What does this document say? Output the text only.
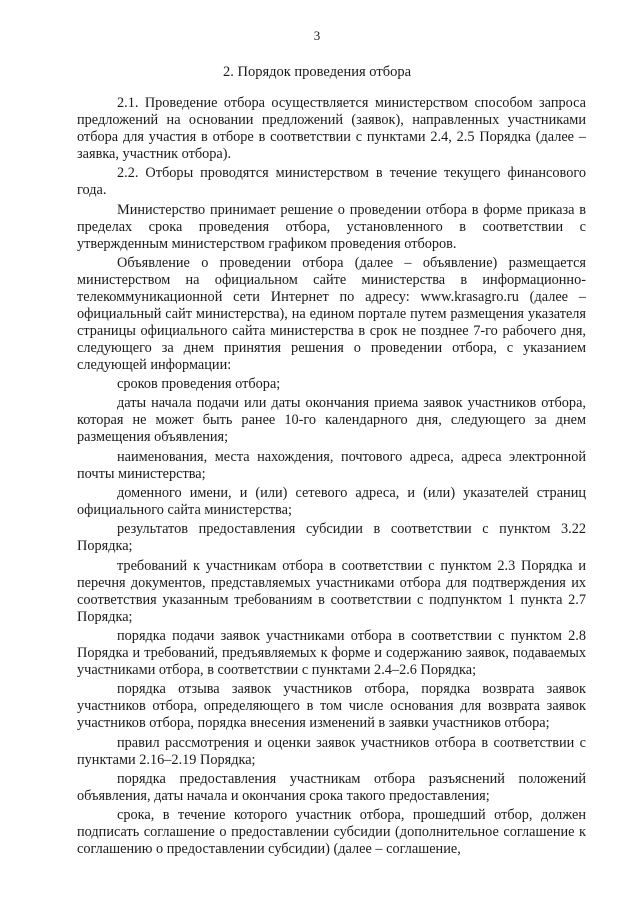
3
2. Порядок проведения отбора

2.1. Проведение отбора осуществляется министерством способом запроса предложений на основании предложений (заявок), направленных участниками отбора для участия в отборе в соответствии с пунктами 2.4, 2.5 Порядка (далее – заявка, участник отбора).

2.2. Отборы проводятся министерством в течение текущего финансового года.

Министерство принимает решение о проведении отбора в форме приказа в пределах срока проведения отбора, установленного в соответствии с утвержденным министерством графиком проведения отборов.

Объявление о проведении отбора (далее – объявление) размещается министерством на официальном сайте министерства в информационно-телекоммуникационной сети Интернет по адресу: www.krasagro.ru (далее – официальный сайт министерства), на едином портале путем размещения указателя страницы официального сайта министерства в срок не позднее 7-го рабочего дня, следующего за днем принятия решения о проведении отбора, с указанием следующей информации:

сроков проведения отбора;

даты начала подачи или даты окончания приема заявок участников отбора, которая не может быть ранее 10-го календарного дня, следующего за днем размещения объявления;

наименования, места нахождения, почтового адреса, адреса электронной почты министерства;

доменного имени, и (или) сетевого адреса, и (или) указателей страниц официального сайта министерства;

результатов предоставления субсидии в соответствии с пунктом 3.22 Порядка;

требований к участникам отбора в соответствии с пунктом 2.3 Порядка и перечня документов, представляемых участниками отбора для подтверждения их соответствия указанным требованиям в соответствии с подпунктом 1 пункта 2.7 Порядка;

порядка подачи заявок участниками отбора в соответствии с пунктом 2.8 Порядка и требований, предъявляемых к форме и содержанию заявок, подаваемых участниками отбора, в соответствии с пунктами 2.4–2.6 Порядка;

порядка отзыва заявок участников отбора, порядка возврата заявок участников отбора, определяющего в том числе основания для возврата заявок участников отбора, порядка внесения изменений в заявки участников отбора;

правил рассмотрения и оценки заявок участников отбора в соответствии с пунктами 2.16–2.19 Порядка;

порядка предоставления участникам отбора разъяснений положений объявления, даты начала и окончания срока такого предоставления;

срока, в течение которого участник отбора, прошедший отбор, должен подписать соглашение о предоставлении субсидии (дополнительное соглашение к соглашению о предоставлении субсидии) (далее – соглашение,
